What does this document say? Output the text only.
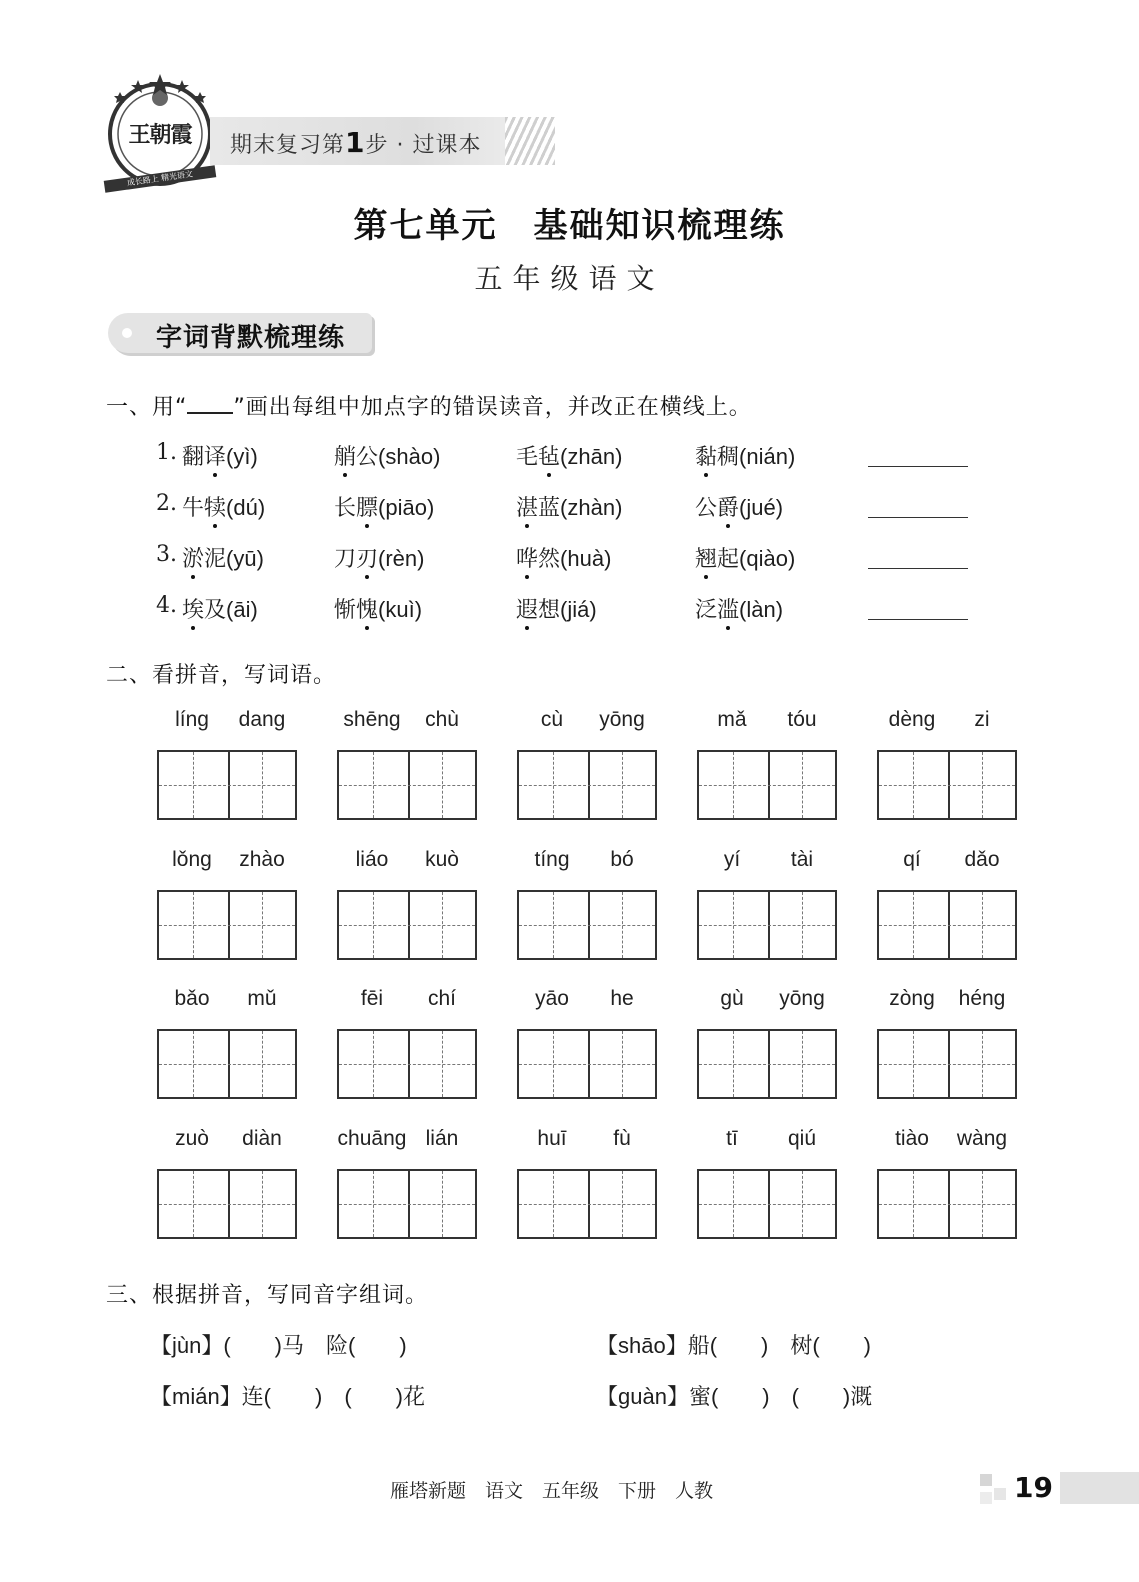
王朝霞
成长路上 精光语文
期末复习第1步 · 过课本
第七单元　基础知识梳理练
五年级语文
字词背默梳理练
一、用“ ”画出每组中加点字的错误读音，并改正在横线上。
1. 翻译(yì)	艄公(shào)	毛毡(zhān)	黏稠(nián)
2. 牛犊(dú)	长膘(piāo)	湛蓝(zhàn)	公爵(jué)
3. 淤泥(yū)	刀刃(rèn)	哗然(huà)	翘起(qiào)
4. 埃及(āi)	惭愧(kuì)	遐想(jiá)	泛滥(làn)
二、看拼音，写词语。
líng	dang	shēng	chù	cù	yōng	mǎ	tóu	dèng	zi
lǒng	zhào	liáo	kuò	tíng	bó	yí	tài	qí	dǎo
bǎo	mǔ	fēi	chí	yāo	he	gù	yōng	zòng	héng
zuò	diàn	chuāng lián	huī	fù	tī	qiú	tiào	wàng
三、根据拼音，写同音字组词。
【jùn】(　　)马　险(　　)	【shāo】船(　　)　树(　　)
【mián】连(　　)　(　　)花	【guàn】蜜(　　)　(　　)溉
雁塔新题　语文　五年级　下册　人教	19
